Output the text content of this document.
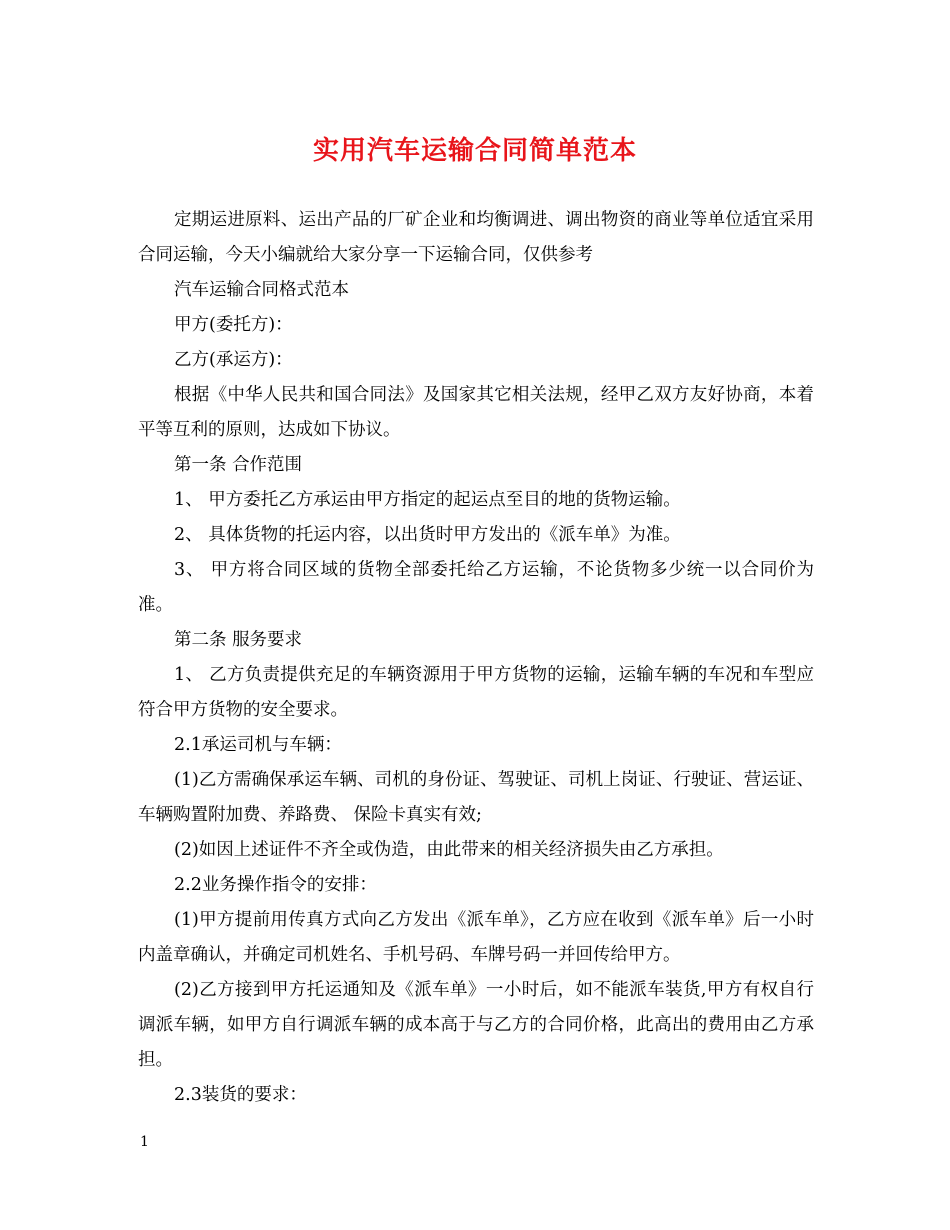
实用汽车运输合同简单范本

定期运进原料、运出产品的厂矿企业和均衡调进、调出物资的商业等单位适宜采用合同运输，今天小编就给大家分享一下运输合同，仅供参考

汽车运输合同格式范本

甲方(委托方)：

乙方(承运方)：

根据《中华人民共和国合同法》及国家其它相关法规，经甲乙双方友好协商，本着平等互利的原则，达成如下协议。

第一条 合作范围

1、 甲方委托乙方承运由甲方指定的起运点至目的地的货物运输。

2、 具体货物的托运内容，以出货时甲方发出的《派车单》为准。

3、 甲方将合同区域的货物全部委托给乙方运输，不论货物多少统一以合同价为准。

第二条 服务要求

1、 乙方负责提供充足的车辆资源用于甲方货物的运输，运输车辆的车况和车型应符合甲方货物的安全要求。

2.1承运司机与车辆：

(1)乙方需确保承运车辆、司机的身份证、驾驶证、司机上岗证、行驶证、营运证、车辆购置附加费、养路费、 保险卡真实有效;

(2)如因上述证件不齐全或伪造，由此带来的相关经济损失由乙方承担。

2.2业务操作指令的安排：

(1)甲方提前用传真方式向乙方发出《派车单》，乙方应在收到《派车单》后一小时内盖章确认，并确定司机姓名、手机号码、车牌号码一并回传给甲方。

(2)乙方接到甲方托运通知及《派车单》一小时后，如不能派车装货,甲方有权自行调派车辆，如甲方自行调派车辆的成本高于与乙方的合同价格，此高出的费用由乙方承担。

2.3装货的要求：

1
